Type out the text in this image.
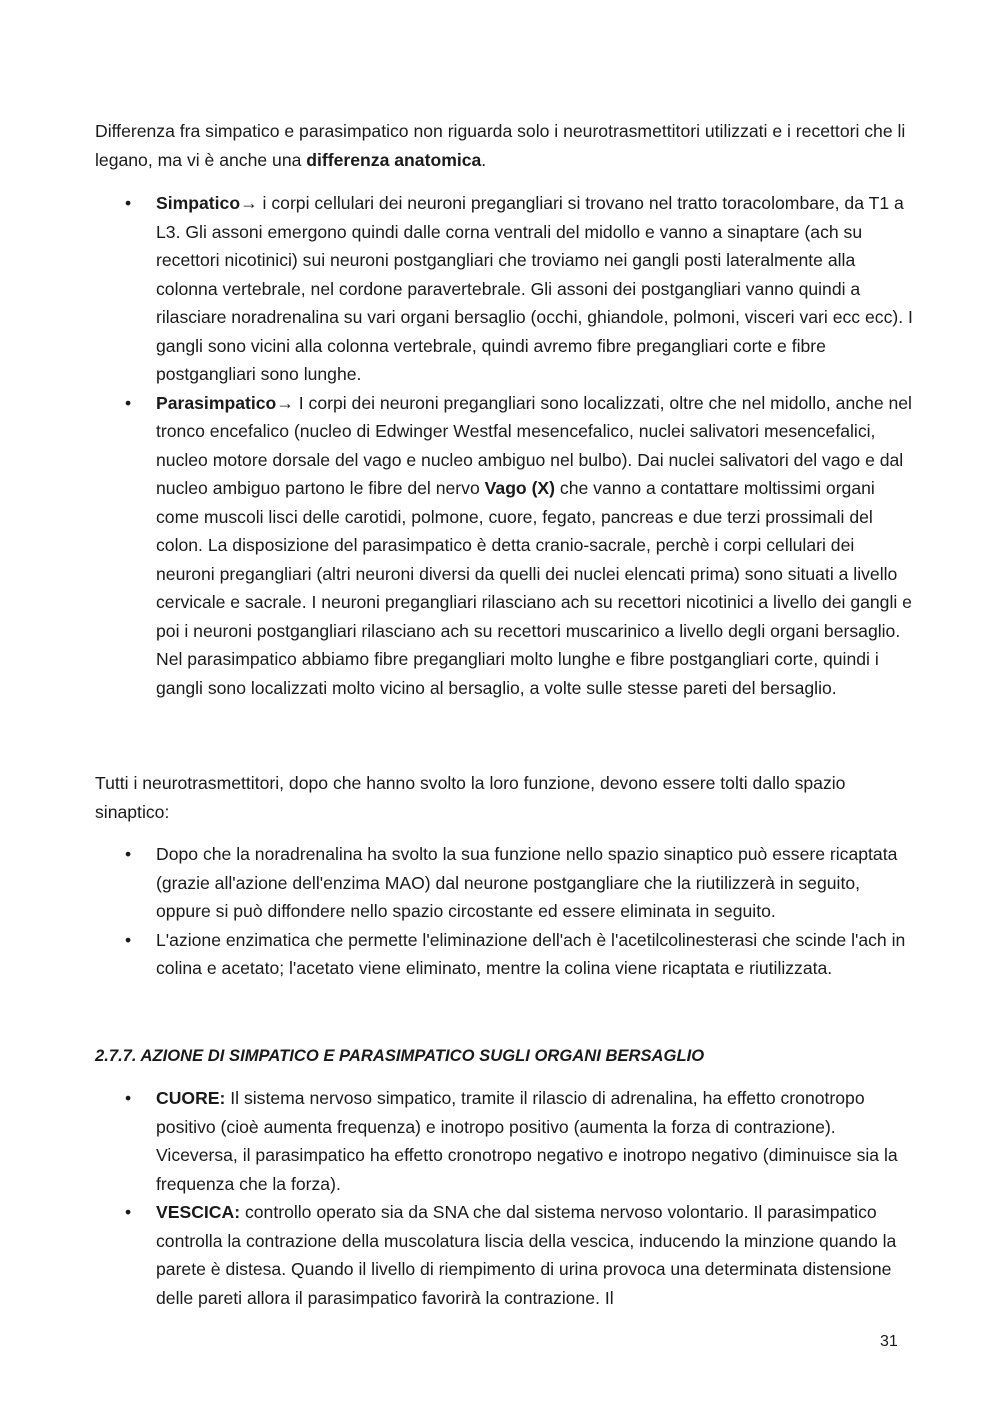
Differenza fra simpatico e parasimpatico non riguarda solo i neurotrasmettitori utilizzati e i recettori che li legano, ma vi è anche una differenza anatomica.

• Simpatico→ i corpi cellulari dei neuroni pregangliari si trovano nel tratto toracolombare, da T1 a L3. Gli assoni emergono quindi dalle corna ventrali del midollo e vanno a sinaptare (ach su recettori nicotinici) sui neuroni postgangliari che troviamo nei gangli posti lateralmente alla colonna vertebrale, nel cordone paravertebrale. Gli assoni dei postgangliari vanno quindi a rilasciare noradrenalina su vari organi bersaglio (occhi, ghiandole, polmoni, visceri vari ecc ecc). I gangli sono vicini alla colonna vertebrale, quindi avremo fibre pregangliari corte e fibre postgangliari sono lunghe.
• Parasimpatico→ I corpi dei neuroni pregangliari sono localizzati, oltre che nel midollo, anche nel tronco encefalico (nucleo di Edwinger Westfal mesencefalico, nuclei salivatori mesencefalici, nucleo motore dorsale del vago e nucleo ambiguo nel bulbo). Dai nuclei salivatori del vago e dal nucleo ambiguo partono le fibre del nervo Vago (X) che vanno a contattare moltissimi organi come muscoli lisci delle carotidi, polmone, cuore, fegato, pancreas e due terzi prossimali del colon. La disposizione del parasimpatico è detta cranio-sacrale, perchè i corpi cellulari dei neuroni pregangliari (altri neuroni diversi da quelli dei nuclei elencati prima) sono situati a livello cervicale e sacrale. I neuroni pregangliari rilasciano ach su recettori nicotinici a livello dei gangli e poi i neuroni postgangliari rilasciano ach su recettori muscarinico a livello degli organi bersaglio. Nel parasimpatico abbiamo fibre pregangliari molto lunghe e fibre postgangliari corte, quindi i gangli sono localizzati molto vicino al bersaglio, a volte sulle stesse pareti del bersaglio.

Tutti i neurotrasmettitori, dopo che hanno svolto la loro funzione, devono essere tolti dallo spazio sinaptico:

• Dopo che la noradrenalina ha svolto la sua funzione nello spazio sinaptico può essere ricaptata (grazie all'azione dell'enzima MAO) dal neurone postgangliare che la riutilizzerà in seguito, oppure si può diffondere nello spazio circostante ed essere eliminata in seguito.
• L'azione enzimatica che permette l'eliminazione dell'ach è l'acetilcolinesterasi che scinde l'ach in colina e acetato; l'acetato viene eliminato, mentre la colina viene ricaptata e riutilizzata.

2.7.7. AZIONE DI SIMPATICO E PARASIMPATICO SUGLI ORGANI BERSAGLIO

• CUORE: Il sistema nervoso simpatico, tramite il rilascio di adrenalina, ha effetto cronotropo positivo (cioè aumenta frequenza) e inotropo positivo (aumenta la forza di contrazione). Viceversa, il parasimpatico ha effetto cronotropo negativo e inotropo negativo (diminuisce sia la frequenza che la forza).
• VESCICA: controllo operato sia da SNA che dal sistema nervoso volontario. Il parasimpatico controlla la contrazione della muscolatura liscia della vescica, inducendo la minzione quando la parete è distesa. Quando il livello di riempimento di urina provoca una determinata distensione delle pareti allora il parasimpatico favorirà la contrazione. Il
31
